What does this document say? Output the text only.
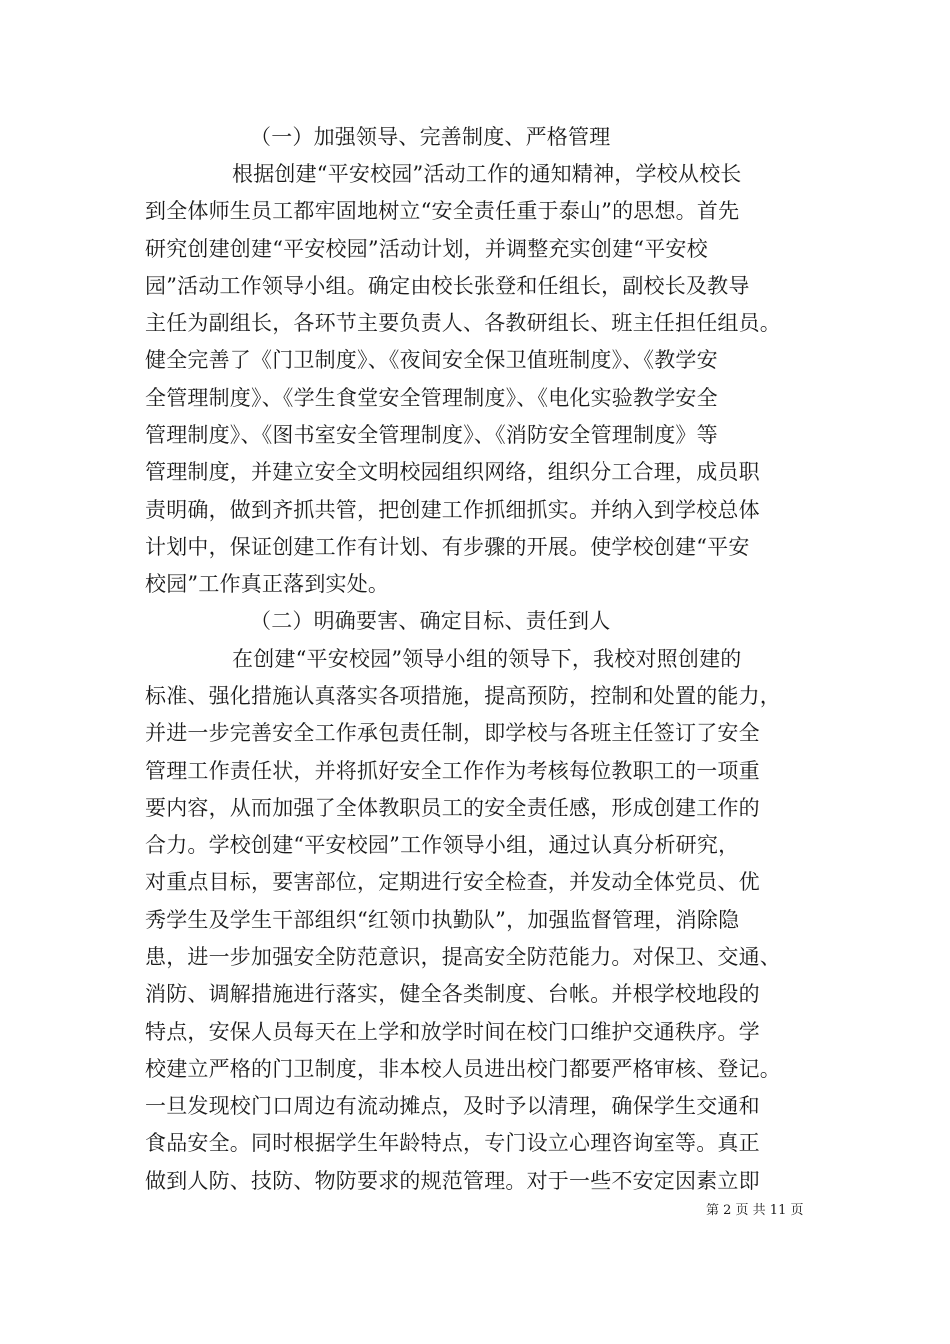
（一）加强领导、完善制度、严格管理
根据创建“平安校园”活动工作的通知精神，学校从校长
到全体师生员工都牢固地树立“安全责任重于泰山”的思想。首先
研究创建创建“平安校园”活动计划，并调整充实创建“平安校
园”活动工作领导小组。确定由校长张登和任组长，副校长及教导
主任为副组长，各环节主要负责人、各教研组长、班主任担任组员。
健全完善了《门卫制度》、《夜间安全保卫值班制度》、《教学安
全管理制度》、《学生食堂安全管理制度》、《电化实验教学安全
管理制度》、《图书室安全管理制度》、《消防安全管理制度》等
管理制度，并建立安全文明校园组织网络，组织分工合理，成员职
责明确，做到齐抓共管，把创建工作抓细抓实。并纳入到学校总体
计划中，保证创建工作有计划、有步骤的开展。使学校创建“平安
校园”工作真正落到实处。
（二）明确要害、确定目标、责任到人
在创建“平安校园”领导小组的领导下，我校对照创建的
标准、强化措施认真落实各项措施，提高预防，控制和处置的能力，
并进一步完善安全工作承包责任制，即学校与各班主任签订了安全
管理工作责任状，并将抓好安全工作作为考核每位教职工的一项重
要内容，从而加强了全体教职员工的安全责任感，形成创建工作的
合力。学校创建“平安校园”工作领导小组，通过认真分析研究，
对重点目标，要害部位，定期进行安全检查，并发动全体党员、优
秀学生及学生干部组织“红领巾执勤队”，加强监督管理，消除隐
患，进一步加强安全防范意识，提高安全防范能力。对保卫、交通、
消防、调解措施进行落实，健全各类制度、台帐。并根学校地段的
特点，安保人员每天在上学和放学时间在校门口维护交通秩序。学
校建立严格的门卫制度，非本校人员进出校门都要严格审核、登记。
一旦发现校门口周边有流动摊点，及时予以清理，确保学生交通和
食品安全。同时根据学生年龄特点，专门设立心理咨询室等。真正
做到人防、技防、物防要求的规范管理。对于一些不安定因素立即
第 2 页 共 11 页
